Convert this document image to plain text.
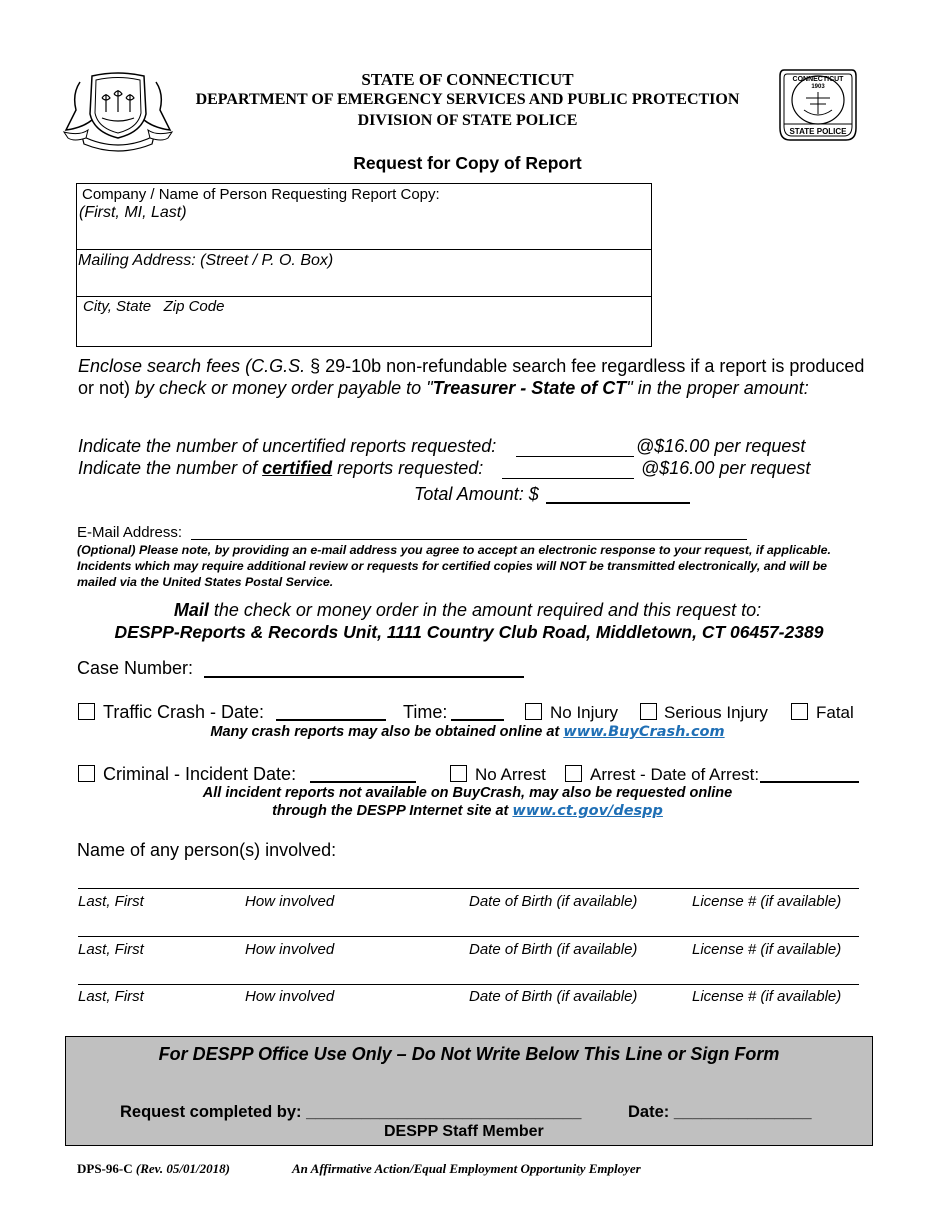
STATE OF CONNECTICUT
DEPARTMENT OF EMERGENCY SERVICES AND PUBLIC PROTECTION
DIVISION OF STATE POLICE
CONNECTICUT
1903
STATE POLICE
Request for Copy of Report
Company / Name of Person Requesting Report Copy:
(First, MI, Last)
Mailing Address: (Street / P. O. Box)
City, State   Zip Code
Enclose search fees (C.G.S. § 29-10b non-refundable search fee regardless if a report is produced or not) by check or money order payable to "Treasurer - State of CT" in the proper amount:
Indicate the number of uncertified reports requested:	@$16.00 per request
Indicate the number of certified reports requested:	@$16.00 per request
Total Amount: $
E-Mail Address:
(Optional) Please note, by providing an e-mail address you agree to accept an electronic response to your request, if applicable. Incidents which may require additional review or requests for certified copies will NOT be transmitted electronically, and will be mailed via the United States Postal Service.
Mail the check or money order in the amount required and this request to:
DESPP-Reports & Records Unit, 1111 Country Club Road, Middletown, CT 06457-2389
Case Number:
Traffic Crash - Date:	Time:	No Injury	Serious Injury	Fatal
Many crash reports may also be obtained online at www.BuyCrash.com
Criminal - Incident Date:	No Arrest	Arrest - Date of Arrest:
All incident reports not available on BuyCrash, may also be requested online
through the DESPP Internet site at www.ct.gov/despp
Name of any person(s) involved:
Last, First	How involved	Date of Birth (if available)	License # (if available)
Last, First	How involved	Date of Birth (if available)	License # (if available)
Last, First	How involved	Date of Birth (if available)	License # (if available)
For DESPP Office Use Only – Do Not Write Below This Line or Sign Form
Request completed by: ______________________________	Date: _______________
DESPP Staff Member
DPS-96-C (Rev. 05/01/2018)	An Affirmative Action/Equal Employment Opportunity Employer
